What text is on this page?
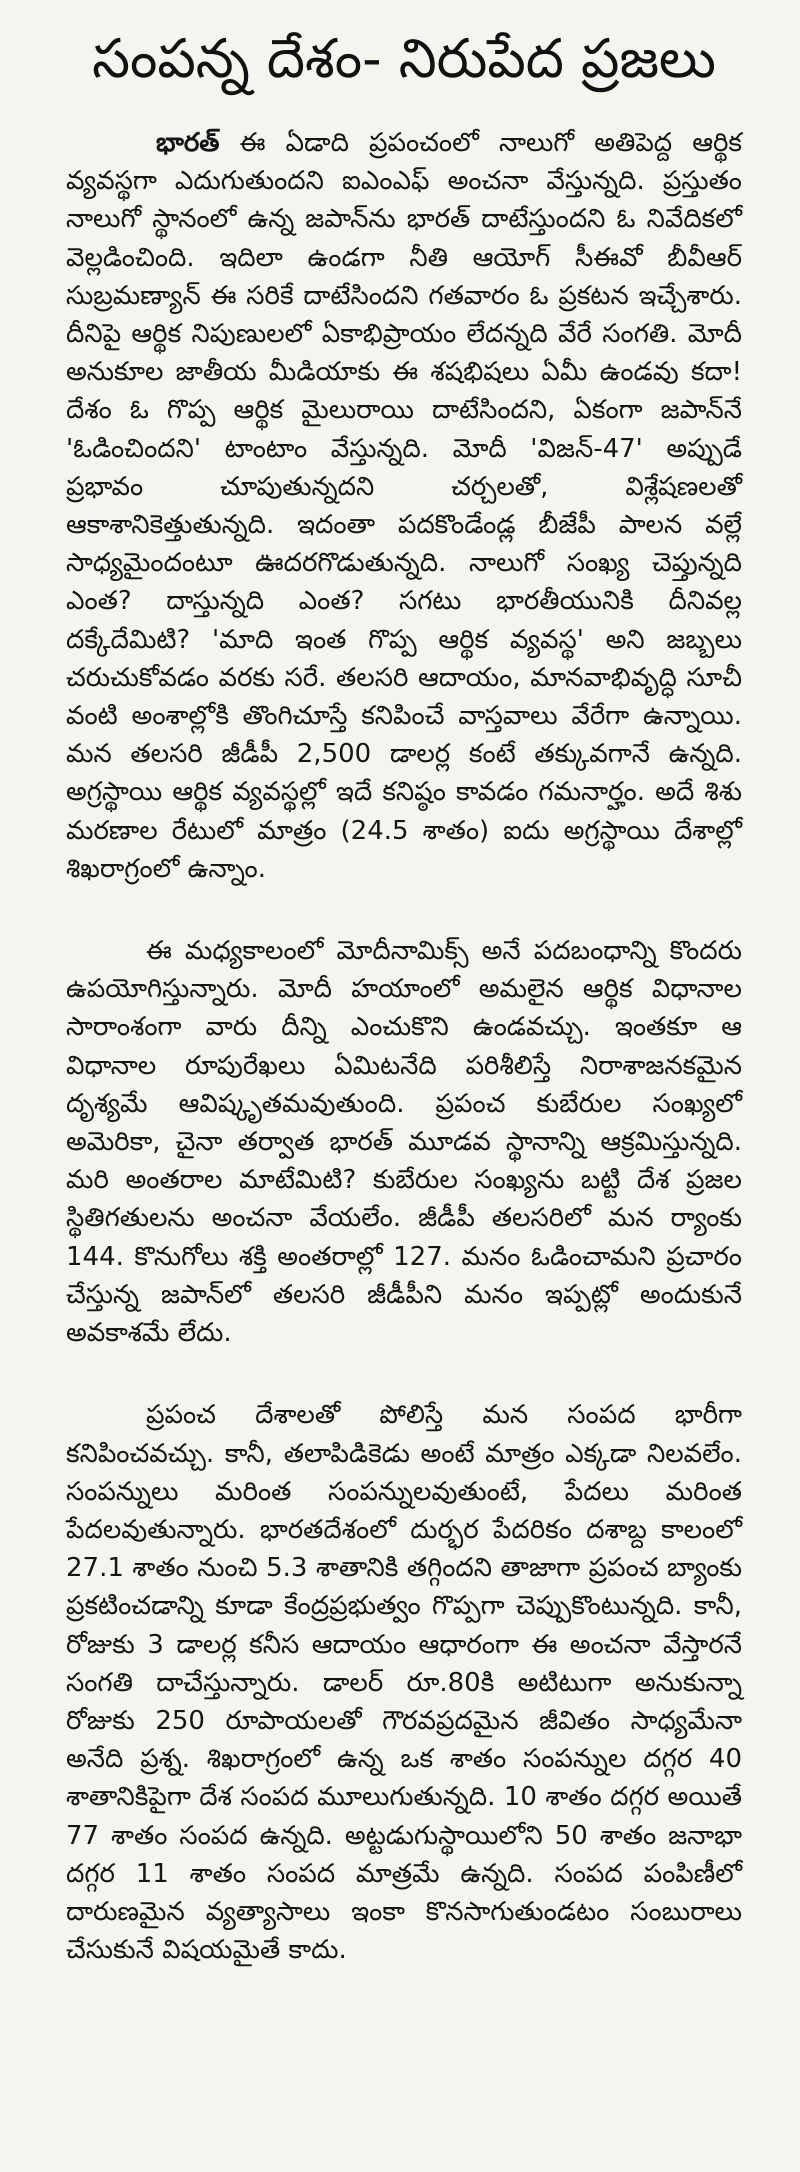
సంపన్న దేశం- నిరుపేద ప్రజలు

భారత్ ఈ ఏడాది ప్రపంచంలో నాలుగో అతిపెద్ద ఆర్థిక వ్యవస్థగా ఎదుగుతుందని ఐఎంఎఫ్ అంచనా వేస్తున్నది. ప్రస్తుతం నాలుగో స్థానంలో ఉన్న జపాన్‌ను భారత్ దాటేస్తుందని ఓ నివేదికలో వెల్లడించింది. ఇదిలా ఉండగా నీతి ఆయోగ్ సీఈవో బీవీఆర్ సుబ్రమణ్యాన్ ఈ సరికే దాటేసిందని గతవారం ఓ ప్రకటన ఇచ్చేశారు. దీనిపై ఆర్థిక నిపుణులలో ఏకాభిప్రాయం లేదన్నది వేరే సంగతి. మోదీ అనుకూల జాతీయ మీడియాకు ఈ శషభిషలు ఏమీ ఉండవు కదా! దేశం ఓ గొప్ప ఆర్థిక మైలురాయి దాటేసిందని, ఏకంగా జపాన్‌నే 'ఓడించిందని' టాంటాం వేస్తున్నది. మోదీ 'విజన్-47' అప్పుడే ప్రభావం చూపుతున్నదని చర్చలతో, విశ్లేషణలతో ఆకాశానికెత్తుతున్నది. ఇదంతా పదకొండేండ్ల బీజేపీ పాలన వల్లే సాధ్యమైందంటూ ఊదరగొడుతున్నది. నాలుగో సంఖ్య చెప్తున్నది ఎంత? దాస్తున్నది ఎంత? సగటు భారతీయునికి దీనివల్ల దక్కేదేమిటి? 'మాది ఇంత గొప్ప ఆర్థిక వ్యవస్థ' అని జబ్బలు చరుచుకోవడం వరకు సరే. తలసరి ఆదాయం, మానవాభివృద్ధి సూచీ వంటి అంశాల్లోకి తొంగిచూస్తే కనిపించే వాస్తవాలు వేరేగా ఉన్నాయి. మన తలసరి జీడీపీ 2,500 డాలర్ల కంటే తక్కువగానే ఉన్నది. అగ్రస్థాయి ఆర్థిక వ్యవస్థల్లో ఇదే కనిష్ఠం కావడం గమనార్హం. అదే శిశు మరణాల రేటులో మాత్రం (24.5 శాతం) ఐదు అగ్రస్థాయి దేశాల్లో శిఖరాగ్రంలో ఉన్నాం.

ఈ మధ్యకాలంలో మోదీనామిక్స్ అనే పదబంధాన్ని కొందరు ఉపయోగిస్తున్నారు. మోదీ హయాంలో అమలైన ఆర్థిక విధానాల సారాంశంగా వారు దీన్ని ఎంచుకొని ఉండవచ్చు. ఇంతకూ ఆ విధానాల రూపురేఖలు ఏమిటనేది పరిశీలిస్తే నిరాశాజనకమైన దృశ్యమే ఆవిష్కృతమవుతుంది. ప్రపంచ కుబేరుల సంఖ్యలో అమెరికా, చైనా తర్వాత భారత్ మూడవ స్థానాన్ని ఆక్రమిస్తున్నది. మరి అంతరాల మాటేమిటి? కుబేరుల సంఖ్యను బట్టి దేశ ప్రజల స్థితిగతులను అంచనా వేయలేం. జీడీపీ తలసరిలో మన ర్యాంకు 144. కొనుగోలు శక్తి అంతరాల్లో 127. మనం ఓడించామని ప్రచారం చేస్తున్న జపాన్‌లో తలసరి జీడీపీని మనం ఇప్పట్లో అందుకునే అవకాశమే లేదు.

ప్రపంచ దేశాలతో పోలిస్తే మన సంపద భారీగా కనిపించవచ్చు. కానీ, తలాపిడికెడు అంటే మాత్రం ఎక్కడా నిలవలేం. సంపన్నులు మరింత సంపన్నులవుతుంటే, పేదలు మరింత పేదలవుతున్నారు. భారతదేశంలో దుర్భర పేదరికం దశాబ్ద కాలంలో 27.1 శాతం నుంచి 5.3 శాతానికి తగ్గిందని తాజాగా ప్రపంచ బ్యాంకు ప్రకటించడాన్ని కూడా కేంద్రప్రభుత్వం గొప్పగా చెప్పుకొంటున్నది. కానీ, రోజుకు 3 డాలర్ల కనీస ఆదాయం ఆధారంగా ఈ అంచనా వేస్తారనే సంగతి దాచేస్తున్నారు. డాలర్ రూ.80కి అటిటుగా అనుకున్నా రోజుకు 250 రూపాయలతో గౌరవప్రదమైన జీవితం సాధ్యమేనా అనేది ప్రశ్న. శిఖరాగ్రంలో ఉన్న ఒక శాతం సంపన్నుల దగ్గర 40 శాతానికిపైగా దేశ సంపద మూలుగుతున్నది. 10 శాతం దగ్గర అయితే 77 శాతం సంపద ఉన్నది. అట్టడుగుస్థాయిలోని 50 శాతం జనాభా దగ్గర 11 శాతం సంపద మాత్రమే ఉన్నది. సంపద పంపిణీలో దారుణమైన వ్యత్యాసాలు ఇంకా కొనసాగుతుండటం సంబురాలు చేసుకునే విషయమైతే కాదు.
